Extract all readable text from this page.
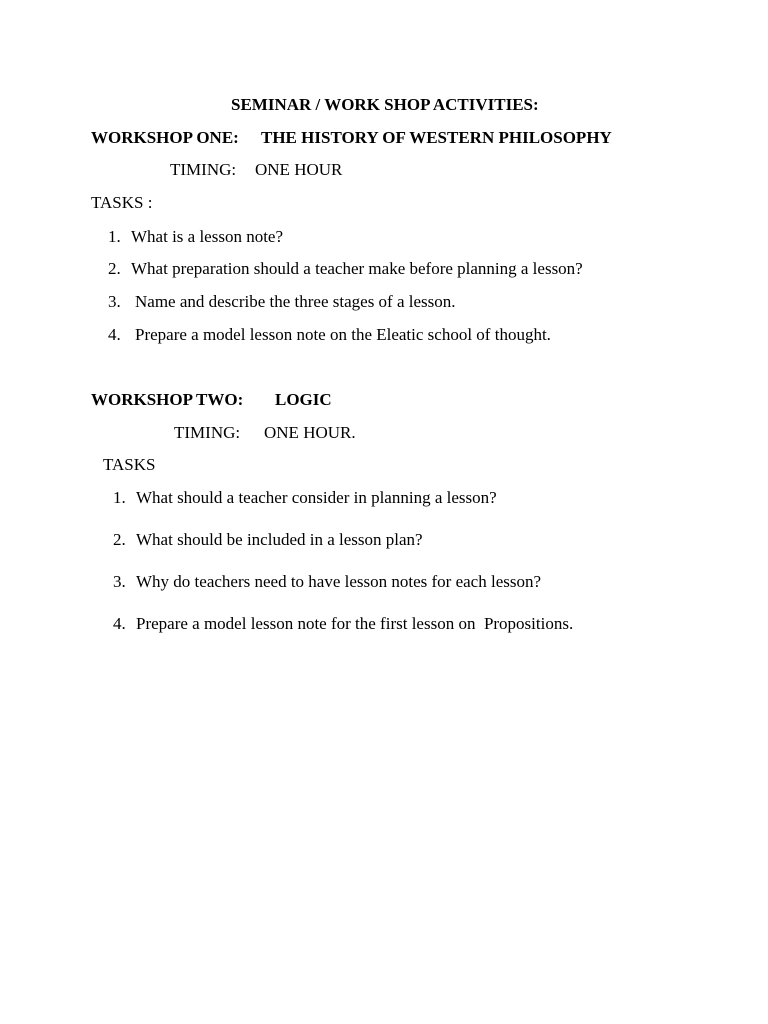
SEMINAR / WORK SHOP ACTIVITIES:
WORKSHOP ONE: THE HISTORY OF WESTERN PHILOSOPHY
TIMING: ONE HOUR
TASKS :
1. What is a lesson note?
2. What preparation should a teacher make before planning a lesson?
3. Name and describe the three stages of a lesson.
4. Prepare a model lesson note on the Eleatic school of thought.
WORKSHOP TWO: LOGIC
TIMING: ONE HOUR.
TASKS
1. What should a teacher consider in planning a lesson?
2. What should be included in a lesson plan?
3. Why do teachers need to have lesson notes for each lesson?
4. Prepare a model lesson note for the first lesson on  Propositions.
